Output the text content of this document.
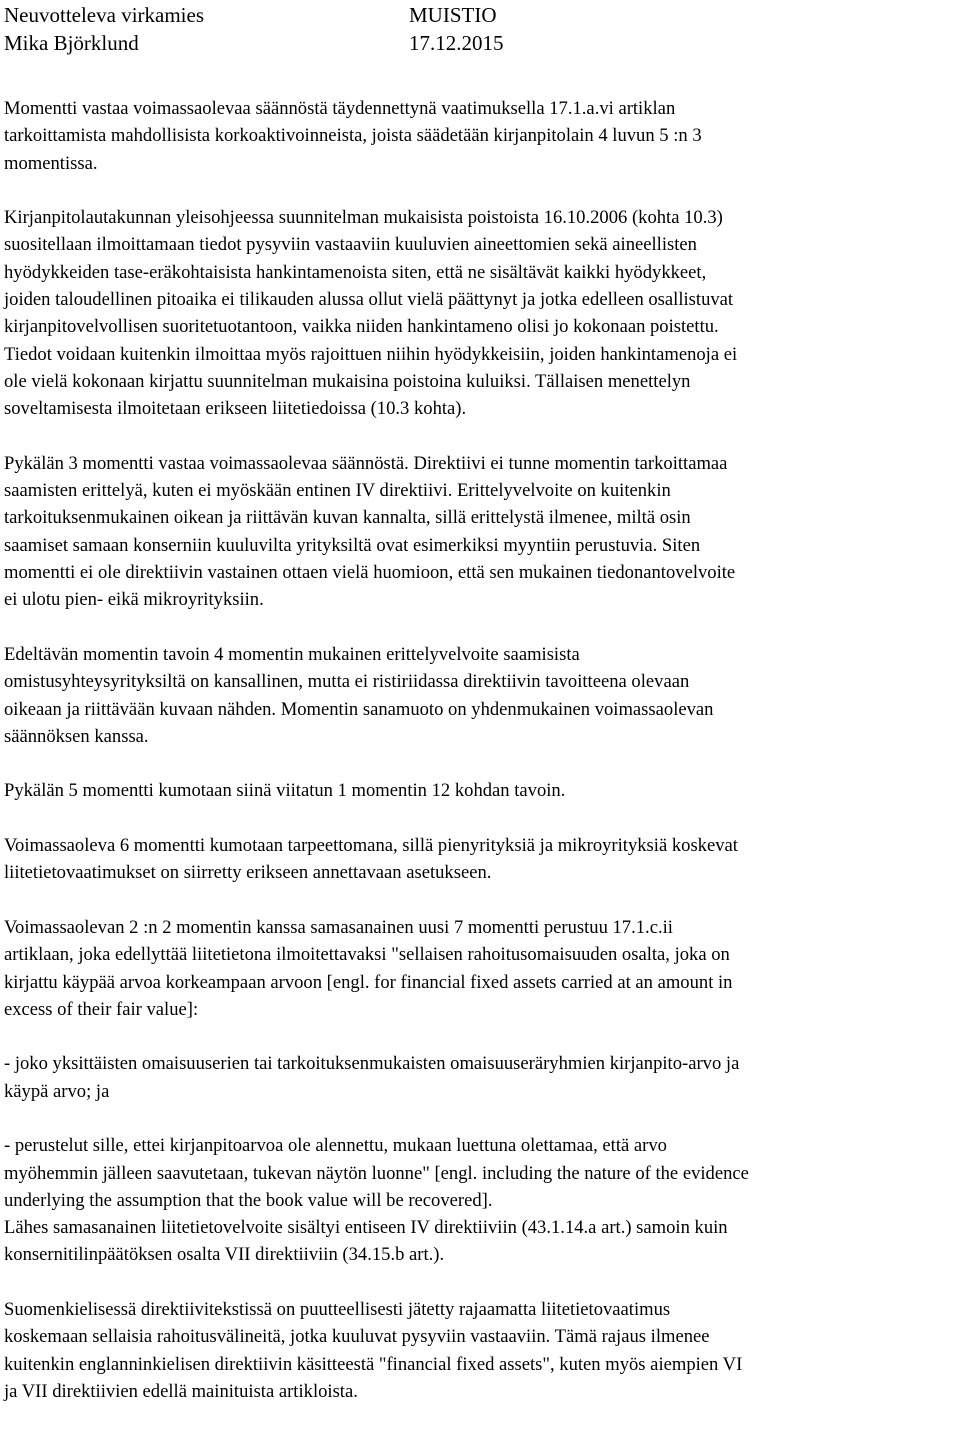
Neuvotteleva virkamies	MUISTIO
Mika Björklund	17.12.2015

Momentti vastaa voimassaolevaa säännöstä täydennettynä vaatimuksella 17.1.a.vi artiklan
tarkoittamista mahdollisista korkoaktivoinneista, joista säädetään kirjanpitolain 4 luvun 5 :n 3
momentissa.

Kirjanpitolautakunnan yleisohjeessa suunnitelman mukaisista poistoista 16.10.2006 (kohta 10.3)
suositellaan ilmoittamaan tiedot pysyviin vastaaviin kuuluvien aineettomien sekä aineellisten
hyödykkeiden tase-eräkohtaisista hankintamenoista siten, että ne sisältävät kaikki hyödykkeet,
joiden taloudellinen pitoaika ei tilikauden alussa ollut vielä päättynyt ja jotka edelleen osallistuvat
kirjanpitovelvollisen suoritetuotantoon, vaikka niiden hankintameno olisi jo kokonaan poistettu.
Tiedot voidaan kuitenkin ilmoittaa myös rajoittuen niihin hyödykkeisiin, joiden hankintamenoja ei
ole vielä kokonaan kirjattu suunnitelman mukaisina poistoina kuluiksi. Tällaisen menettelyn
soveltamisesta ilmoitetaan erikseen liitetiedoissa (10.3 kohta).

Pykälän 3 momentti vastaa voimassaolevaa säännöstä. Direktiivi ei tunne momentin tarkoittamaa
saamisten erittelyä, kuten ei myöskään entinen IV direktiivi. Erittelyvelvoite on kuitenkin
tarkoituksenmukainen oikean ja riittävän kuvan kannalta, sillä erittelystä ilmenee, miltä osin
saamiset samaan konserniin kuuluvilta yrityksiltä ovat esimerkiksi myyntiin perustuvia. Siten
momentti ei ole direktiivin vastainen ottaen vielä huomioon, että sen mukainen tiedonantovelvoite
ei ulotu pien- eikä mikroyrityksiin.

Edeltävän momentin tavoin 4 momentin mukainen erittelyvelvoite saamisista
omistusyhteysyrityksiltä on kansallinen, mutta ei ristiriidassa direktiivin tavoitteena olevaan
oikeaan ja riittävään kuvaan nähden. Momentin sanamuoto on yhdenmukainen voimassaolevan
säännöksen kanssa.

Pykälän 5 momentti kumotaan siinä viitatun 1 momentin 12 kohdan tavoin.

Voimassaoleva 6 momentti kumotaan tarpeettomana, sillä pienyrityksiä ja mikroyrityksiä koskevat
liitetietovaatimukset on siirretty erikseen annettavaan asetukseen.

Voimassaolevan 2 :n 2 momentin kanssa samasanainen uusi 7 momentti perustuu 17.1.c.ii
artiklaan, joka edellyttää liitetietona ilmoitettavaksi "sellaisen rahoitusomaisuuden osalta, joka on
kirjattu käypää arvoa korkeampaan arvoon [engl. for financial fixed assets carried at an amount in
excess of their fair value]:

- joko yksittäisten omaisuuserien tai tarkoituksenmukaisten omaisuuseräryhmien kirjanpito-arvo ja
käypä arvo; ja

- perustelut sille, ettei kirjanpitoarvoa ole alennettu, mukaan luettuna olettamaa, että arvo
myöhemmin jälleen saavutetaan, tukevan näytön luonne" [engl. including the nature of the evidence
underlying the assumption that the book value will be recovered].

Lähes samasanainen liitetietovelvoite sisältyi entiseen IV direktiiviin (43.1.14.a art.) samoin kuin
konsernitilinpäätöksen osalta VII direktiiviin (34.15.b art.).

Suomenkielisessä direktiivitekstissä on puutteellisesti jätetty rajaamatta liitetietovaatimus
koskemaan sellaisia rahoitusvälineitä, jotka kuuluvat pysyviin vastaaviin. Tämä rajaus ilmenee
kuitenkin englanninkielisen direktiivin käsitteestä "financial fixed assets", kuten myös aiempien VI
ja VII direktiivien edellä mainituista artikloista.
